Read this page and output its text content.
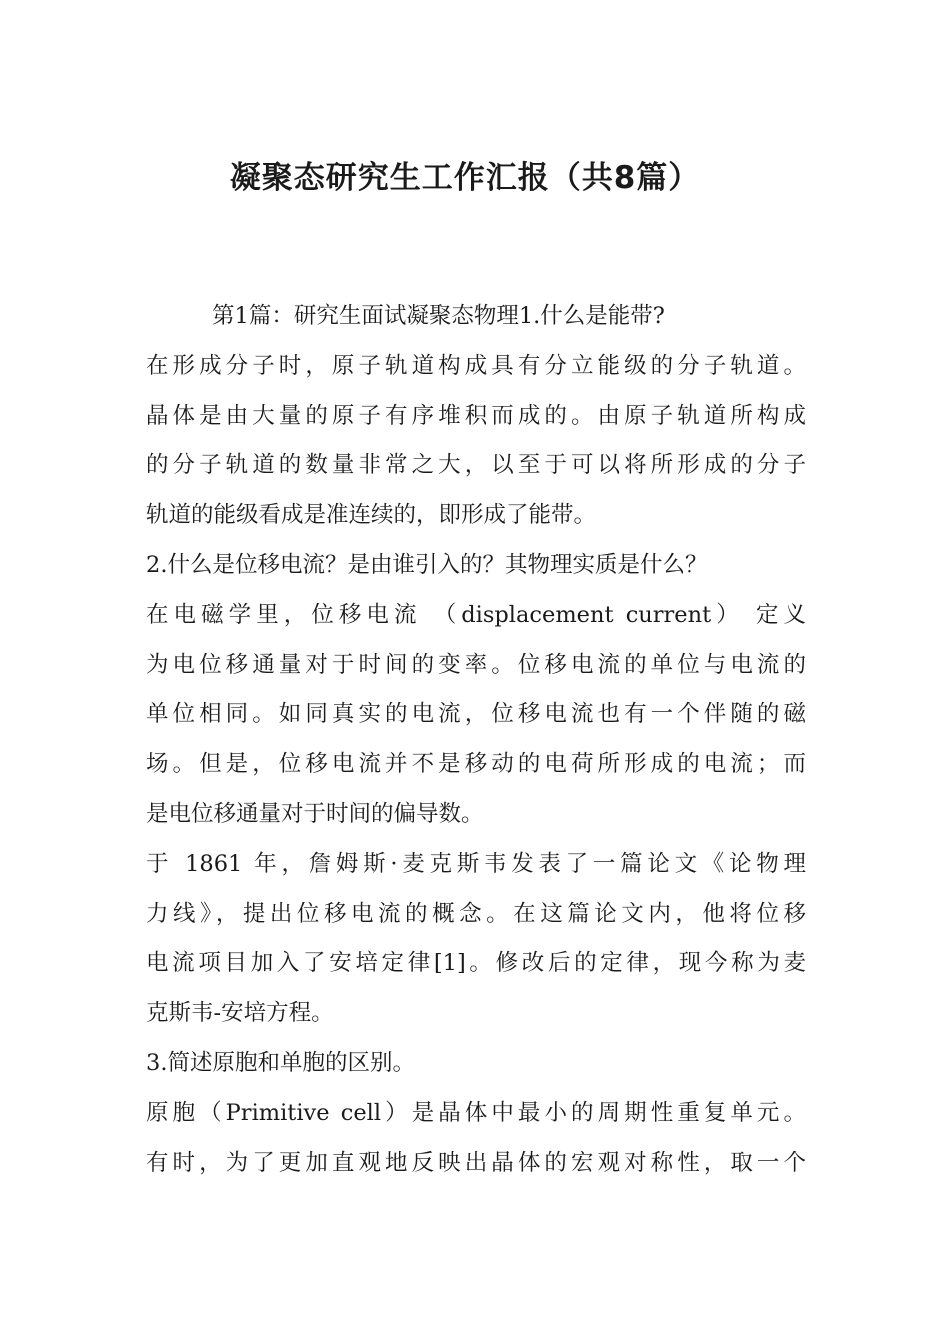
凝聚态研究生工作汇报（共8篇）
第1篇：研究生面试凝聚态物理1.什么是能带?
在形成分子时，原子轨道构成具有分立能级的分子轨道。
晶体是由大量的原子有序堆积而成的。由原子轨道所构成
的分子轨道的数量非常之大，以至于可以将所形成的分子
轨道的能级看成是准连续的，即形成了能带。
2.什么是位移电流？是由谁引入的？其物理实质是什么？
在电磁学里，位移电流 （displacement current） 定义
为电位移通量对于时间的变率。位移电流的单位与电流的
单位相同。如同真实的电流，位移电流也有一个伴随的磁
场。但是，位移电流并不是移动的电荷所形成的电流；而
是电位移通量对于时间的偏导数。
于 1861 年，詹姆斯·麦克斯韦发表了一篇论文《论物理
力线》，提出位移电流的概念。在这篇论文内，他将位移
电流项目加入了安培定律[1]。修改后的定律，现今称为麦
克斯韦-安培方程。
3.简述原胞和单胞的区别。
原胞（Primitive cell）是晶体中最小的周期性重复单元。
有时，为了更加直观地反映出晶体的宏观对称性，取一个
